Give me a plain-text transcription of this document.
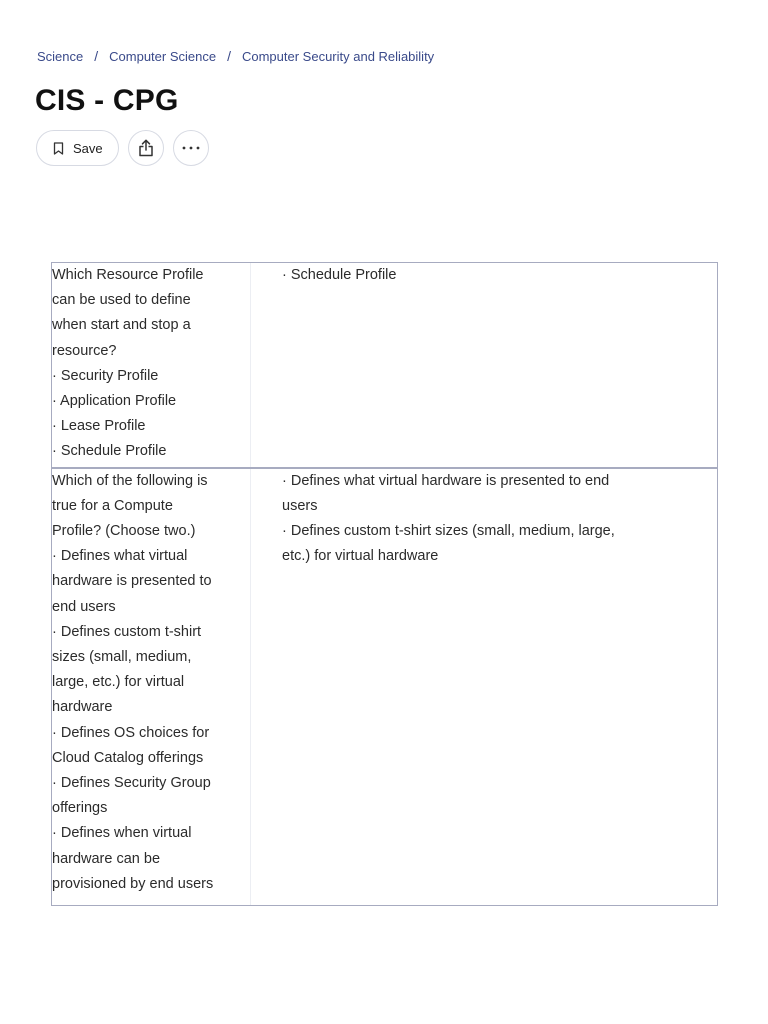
Science / Computer Science / Computer Security and Reliability
CIS - CPG
Save
Which Resource Profile
can be used to define
when start and stop a
resource?
· Security Profile
· Application Profile
· Lease Profile
· Schedule Profile
· Schedule Profile
Which of the following is
true for a Compute
Profile? (Choose two.)
· Defines what virtual
hardware is presented to
end users
· Defines custom t-shirt
sizes (small, medium,
large, etc.) for virtual
hardware
· Defines OS choices for
Cloud Catalog offerings
· Defines Security Group
offerings
· Defines when virtual
hardware can be
provisioned by end users
· Defines what virtual hardware is presented to end
users
· Defines custom t-shirt sizes (small, medium, large,
etc.) for virtual hardware
